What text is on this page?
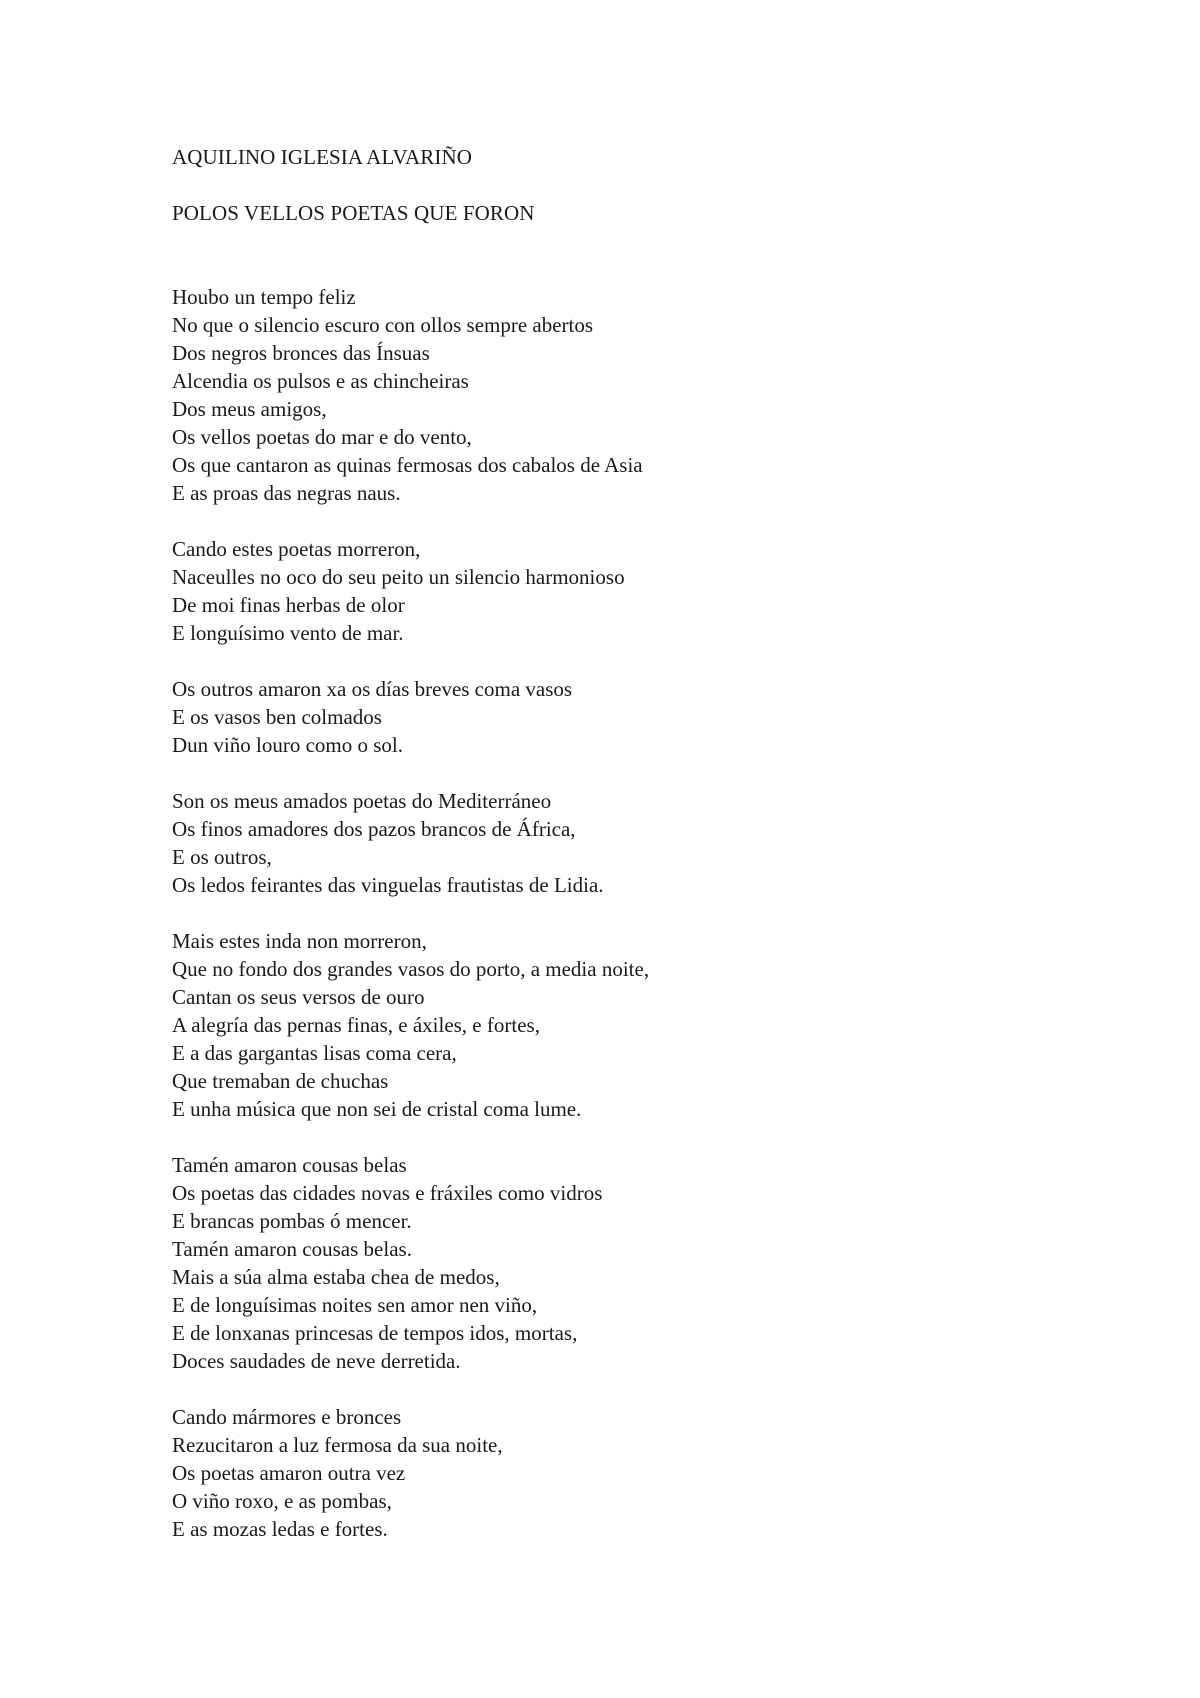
AQUILINO IGLESIA ALVARIÑO
POLOS VELLOS POETAS QUE FORON
Houbo un tempo feliz
No que o silencio escuro con ollos sempre abertos
Dos negros bronces das Ínsuas
Alcendia os pulsos e as chincheiras
Dos meus amigos,
Os vellos poetas do mar e do vento,
Os que cantaron as quinas fermosas dos cabalos de Asia
E as proas das negras naus.
Cando estes poetas morreron,
Naceulles no oco do seu peito un silencio harmonioso
De moi finas herbas de olor
E longuísimo vento de mar.
Os outros amaron xa os días breves coma vasos
E os vasos ben colmados
Dun viño louro como o sol.
Son os meus amados poetas do Mediterráneo
Os finos amadores dos pazos brancos de África,
E os outros,
Os ledos feirantes das vinguelas frautistas de Lidia.
Mais estes inda non morreron,
Que no fondo dos grandes vasos do porto, a media noite,
Cantan os seus versos de ouro
A alegría das pernas finas, e áxiles, e fortes,
E a das gargantas lisas coma cera,
Que tremaban de chuchas
E unha música que non sei de cristal coma lume.
Tamén amaron cousas belas
Os poetas das cidades novas e fráxiles como vidros
E brancas pombas ó mencer.
Tamén amaron cousas belas.
Mais a súa alma estaba chea de medos,
E de longuísimas noites sen amor nen viño,
E de lonxanas princesas de tempos idos, mortas,
Doces saudades de neve derretida.
Cando mármores e bronces
Rezucitaron a luz fermosa da sua noite,
Os poetas amaron outra vez
O viño roxo, e as pombas,
E as mozas ledas e fortes.
